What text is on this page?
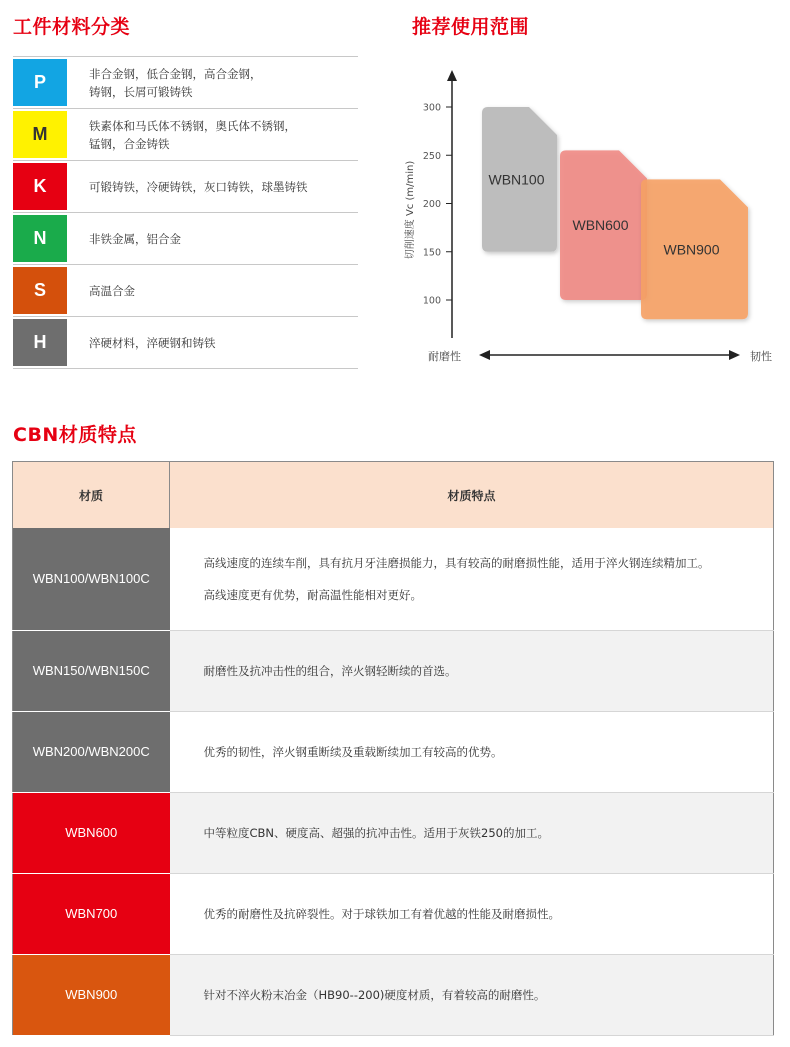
工件材料分类
P	非合金钢，低合金钢，高合金钢，
铸钢，长屑可锻铸铁
M	铁素体和马氏体不锈钢，奥氏体不锈钢，
锰钢，合金铸铁
K	可锻铸铁，冷硬铸铁，灰口铸铁，球墨铸铁
N	非铁金属，铝合金
S	高温合金
H	淬硬材料，淬硬钢和铸铁
推荐使用范围
WBN100
WBN600
WBN900
300
250
200
150
100
切削速度 Vc (m/min)
耐磨性	韧性
CBN材质特点
材质	材质特点
WBN100/WBN100C	高线速度的连续车削，具有抗月牙洼磨损能力，具有较高的耐磨损性能，适用于淬火钢连续精加工。
高线速度更有优势，耐高温性能相对更好。

WBN150/WBN150C	耐磨性及抗冲击性的组合，淬火钢轻断续的首选。

WBN200/WBN200C	优秀的韧性，淬火钢重断续及重载断续加工有较高的优势。

WBN600	中等粒度CBN、硬度高、超强的抗冲击性。适用于灰铁250的加工。

WBN700	优秀的耐磨性及抗碎裂性。对于球铁加工有着优越的性能及耐磨损性。

WBN900	针对不淬火粉末冶金（HB90--200)硬度材质，有着较高的耐磨性。
